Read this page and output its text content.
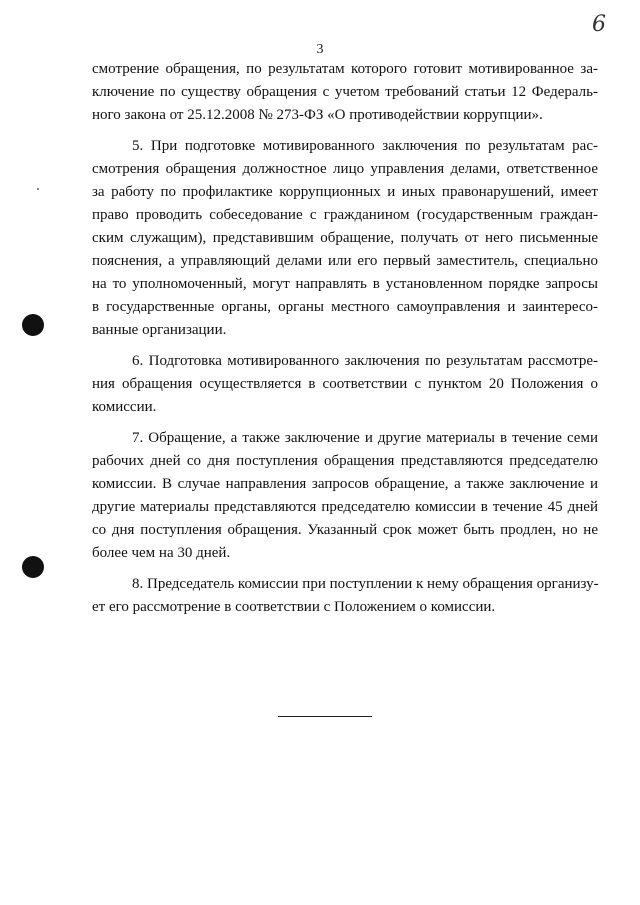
6
3
смотрение обращения, по результатам которого готовит мотивированное за-
ключение по существу обращения с учетом требований статьи 12 Федераль-
ного закона от 25.12.2008 № 273-ФЗ «О противодействии коррупции».
5. При подготовке мотивированного заключения по результатам рас-
смотрения обращения должностное лицо управления делами, ответственное
за работу по профилактике коррупционных и иных правонарушений, имеет
право проводить собеседование с гражданином (государственным граждан-
ским служащим), представившим обращение, получать от него письменные
пояснения, а управляющий делами или его первый заместитель, специально
на то уполномоченный, могут направлять в установленном порядке запросы
в государственные органы, органы местного самоуправления и заинтересо-
ванные организации.
6. Подготовка мотивированного заключения по результатам рассмотре-
ния обращения осуществляется в соответствии с пунктом 20 Положения о
комиссии.
7. Обращение, а также заключение и другие материалы в течение семи
рабочих дней со дня поступления обращения представляются председателю
комиссии. В случае направления запросов обращение, а также заключение и
другие материалы представляются председателю комиссии в течение 45 дней
со дня поступления обращения. Указанный срок может быть продлен, но не
более чем на 30 дней.
8. Председатель комиссии при поступлении к нему обращения организу-
ет его рассмотрение в соответствии с Положением о комиссии.
